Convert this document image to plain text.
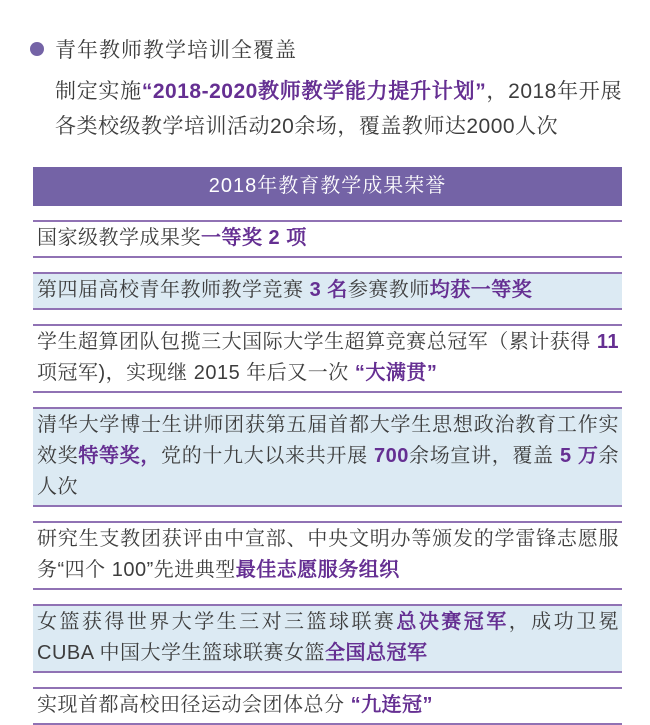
青年教师教学培训全覆盖
制定实施“2018-2020教师教学能力提升计划”，2018年开展各类校级教学培训活动20余场，覆盖教师达2000人次
2018年教育教学成果荣誉
国家级教学成果奖一等奖 2 项
第四届高校青年教师教学竞赛 3 名参赛教师均获一等奖
学生超算团队包揽三大国际大学生超算竞赛总冠军（累计获得 11 项冠军)，实现继 2015 年后又一次 “大满贯”
清华大学博士生讲师团获第五届首都大学生思想政治教育工作实效奖特等奖，党的十九大以来共开展 700余场宣讲，覆盖 5 万余人次
研究生支教团获评由中宣部、中央文明办等颁发的学雷锋志愿服务“四个 100”先进典型最佳志愿服务组织
女篮获得世界大学生三对三篮球联赛总决赛冠军，成功卫冕 CUBA 中国大学生篮球联赛女篮全国总冠军
实现首都高校田径运动会团体总分 “九连冠”
